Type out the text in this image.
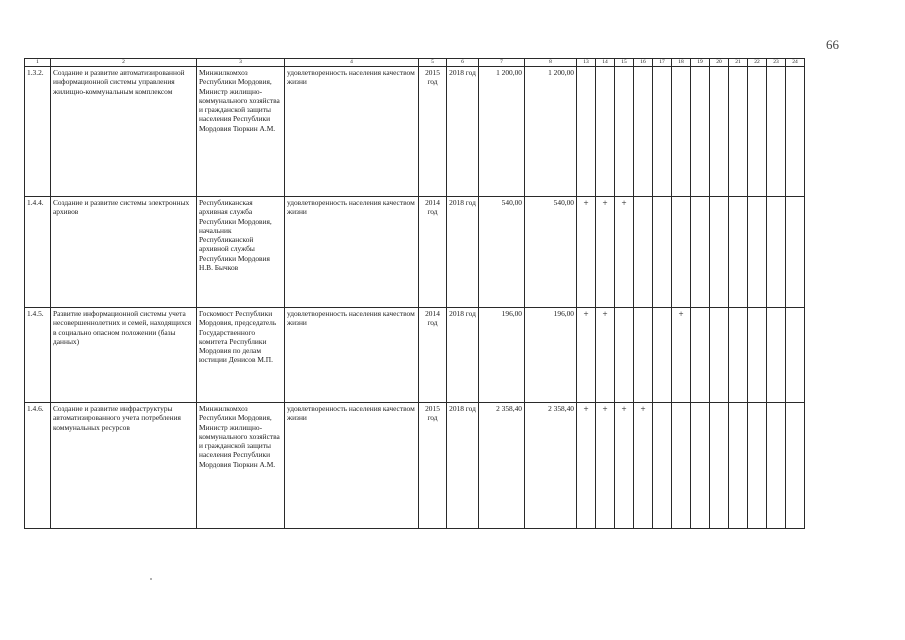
66
1	2	3	4	5	6	7	8	13	14	15	16	17	18	19	20	21	22	23	24
1.3.2.	Создание и развитие автоматизированной информационной системы управления жилищно-коммунальным комплексом	Минжилкомхоз Республики Мордовия, Министр жилищно-коммунального хозяйства и гражданской защиты населения Республики Мордовия Тюркин А.М.	удовлетворенность населения качеством жизни	2015 год	2018 год	1 200,00	1 200,00												
1.4.4.	Создание и развитие системы электронных архивов	Республиканская архивная служба Республики Мордовия, начальник Республиканской архивной службы Республики Мордовия Н.В. Бычков	удовлетворенность населения качеством жизни	2014 год	2018 год	540,00	540,00	+	+	+									
1.4.5.	Развитие информационной системы учета несовершеннолетних и семей, находящихся в социально опасном положении (базы данных)	Госкомюст Республики Мордовия, председатель Государственного комитета Республики Мордовия по делам юстиции Денисов М.П.	удовлетворенность населения качеством жизни	2014 год	2018 год	196,00	196,00	+	+				+						
1.4.6.	Создание и развитие инфраструктуры автоматизированного учета потребления коммунальных ресурсов	Минжилкомхоз Республики Мордовия, Министр жилищно-коммунального хозяйства и гражданской защиты населения Республики Мордовия Тюркин А.М.	удовлетворенность населения качеством жизни	2015 год	2018 год	2 358,40	2 358,40	+	+	+	+								
